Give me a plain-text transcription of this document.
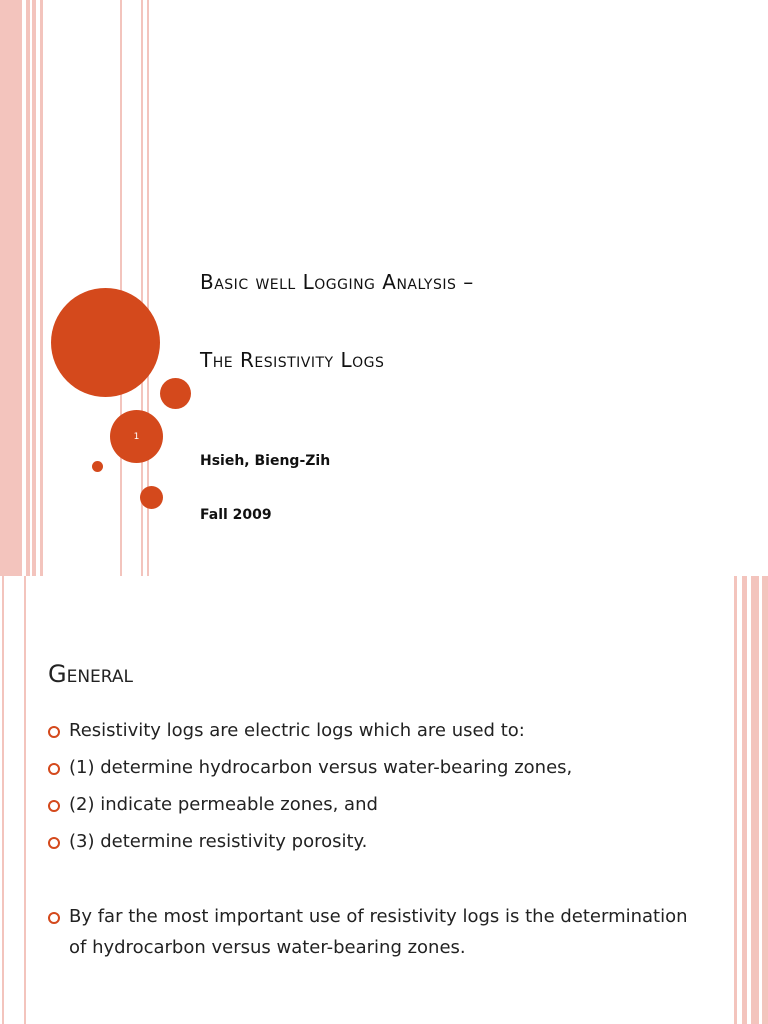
1
Basic well Logging Analysis –
The Resistivity Logs
Hsieh, Bieng-Zih
Fall 2009
General
Resistivity logs are electric logs which are used to:
(1) determine hydrocarbon versus water-bearing zones,
(2) indicate permeable zones, and
(3) determine resistivity porosity.
By far the most important use of resistivity logs is the determination of hydrocarbon versus water-bearing zones.
